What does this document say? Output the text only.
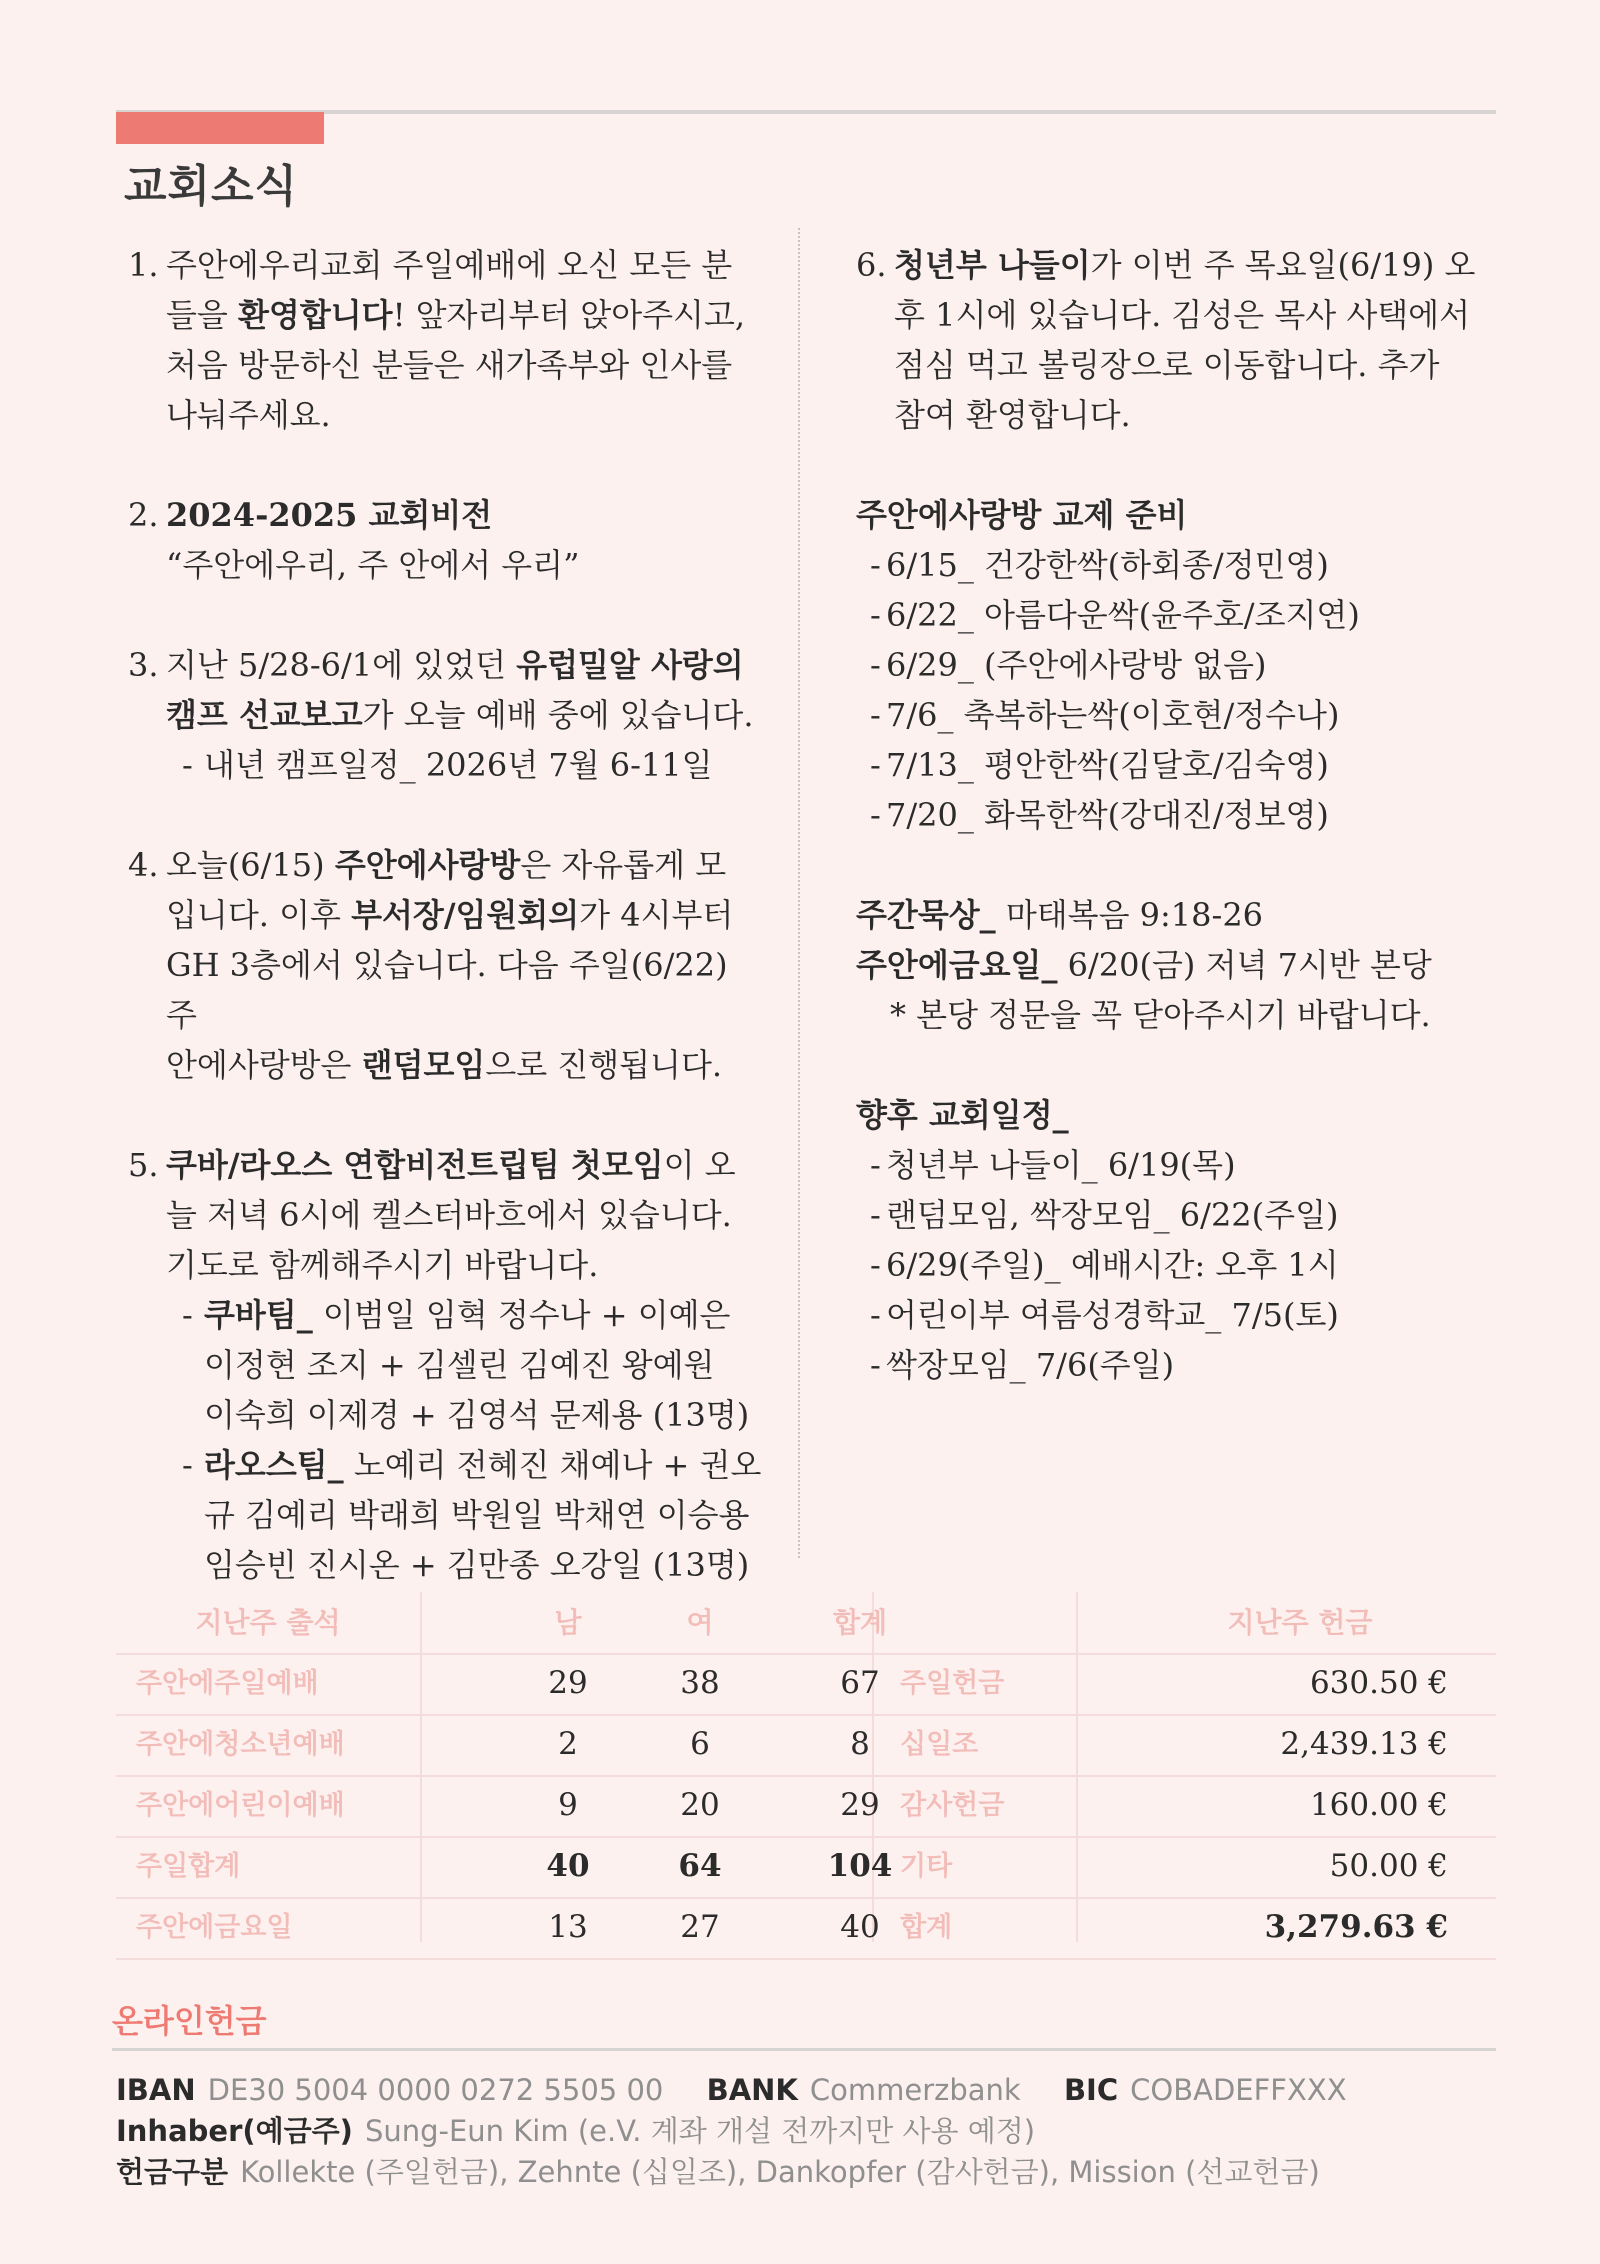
교회소식
1. 주안에우리교회 주일예배에 오신 모든 분

들을 환영합니다! 앞자리부터 앉아주시고,

처음 방문하신 분들은 새가족부와 인사를

나눠주세요.

2. 2024-2025 교회비전

“주안에우리, 주 안에서 우리”

3. 지난 5/28-6/1에 있었던 유럽밀알 사랑의

캠프 선교보고가 오늘 예배 중에 있습니다.

- 내년 캠프일정_ 2026년 7월 6-11일

4. 오늘(6/15) 주안에사랑방은 자유롭게 모

입니다. 이후 부서장/임원회의가 4시부터

GH 3층에서 있습니다. 다음 주일(6/22) 주

안에사랑방은 랜덤모임으로 진행됩니다.

5. 쿠바/라오스 연합비전트립팀 첫모임이 오

늘 저녁 6시에 켈스터바흐에서 있습니다.

기도로 함께해주시기 바랍니다.

- 쿠바팀_ 이범일 임혁 정수나 + 이예은

이정현 조지 + 김셀린 김예진 왕예원

이숙희 이제경 + 김영석 문제용 (13명)

- 라오스팀_ 노예리 전혜진 채예나 + 권오

규 김예리 박래희 박원일 박채연 이승용

임승빈 진시온 + 김만종 오강일 (13명)

6. 청년부 나들이가 이번 주 목요일(6/19) 오

후 1시에 있습니다. 김성은 목사 사택에서

점심 먹고 볼링장으로 이동합니다. 추가

참여 환영합니다.

주안에사랑방 교제 준비

- 6/15_ 건강한싹(하회종/정민영)

- 6/22_ 아름다운싹(윤주호/조지연)

- 6/29_ (주안에사랑방 없음)

- 7/6_ 축복하는싹(이호현/정수나)

- 7/13_ 평안한싹(김달호/김숙영)

- 7/20_ 화목한싹(강대진/정보영)

주간묵상_ 마태복음 9:18-26

주안에금요일_ 6/20(금) 저녁 7시반 본당

* 본당 정문을 꼭 닫아주시기 바랍니다.

향후 교회일정_

- 청년부 나들이_ 6/19(목)

- 랜덤모임, 싹장모임_ 6/22(주일)

- 6/29(주일)_ 예배시간: 오후 1시

- 어린이부 여름성경학교_ 7/5(토)

- 싹장모임_ 7/6(주일)

지난주 출석	남	여	합계	지난주 헌금
주안에주일예배	29	38	67 주일헌금	630.50 €
주안에청소년예배	2	6	8	십일조	2,439.13 €
주안에어린이예배	9	20	29 감사헌금	160.00 €
주일합계	40	64	104 기타	50.00 €
주안에금요일	13	27	40 합계	3,279.63 €

온라인헌금

IBAN DE30 5004 0000 0272 5505 00 BANK Commerzbank BIC COBADEFFXXX

Inhaber(예금주) Sung-Eun Kim (e.V. 계좌 개설 전까지만 사용 예정)

헌금구분 Kollekte (주일헌금), Zehnte (십일조), Dankopfer (감사헌금), Mission (선교헌금)
